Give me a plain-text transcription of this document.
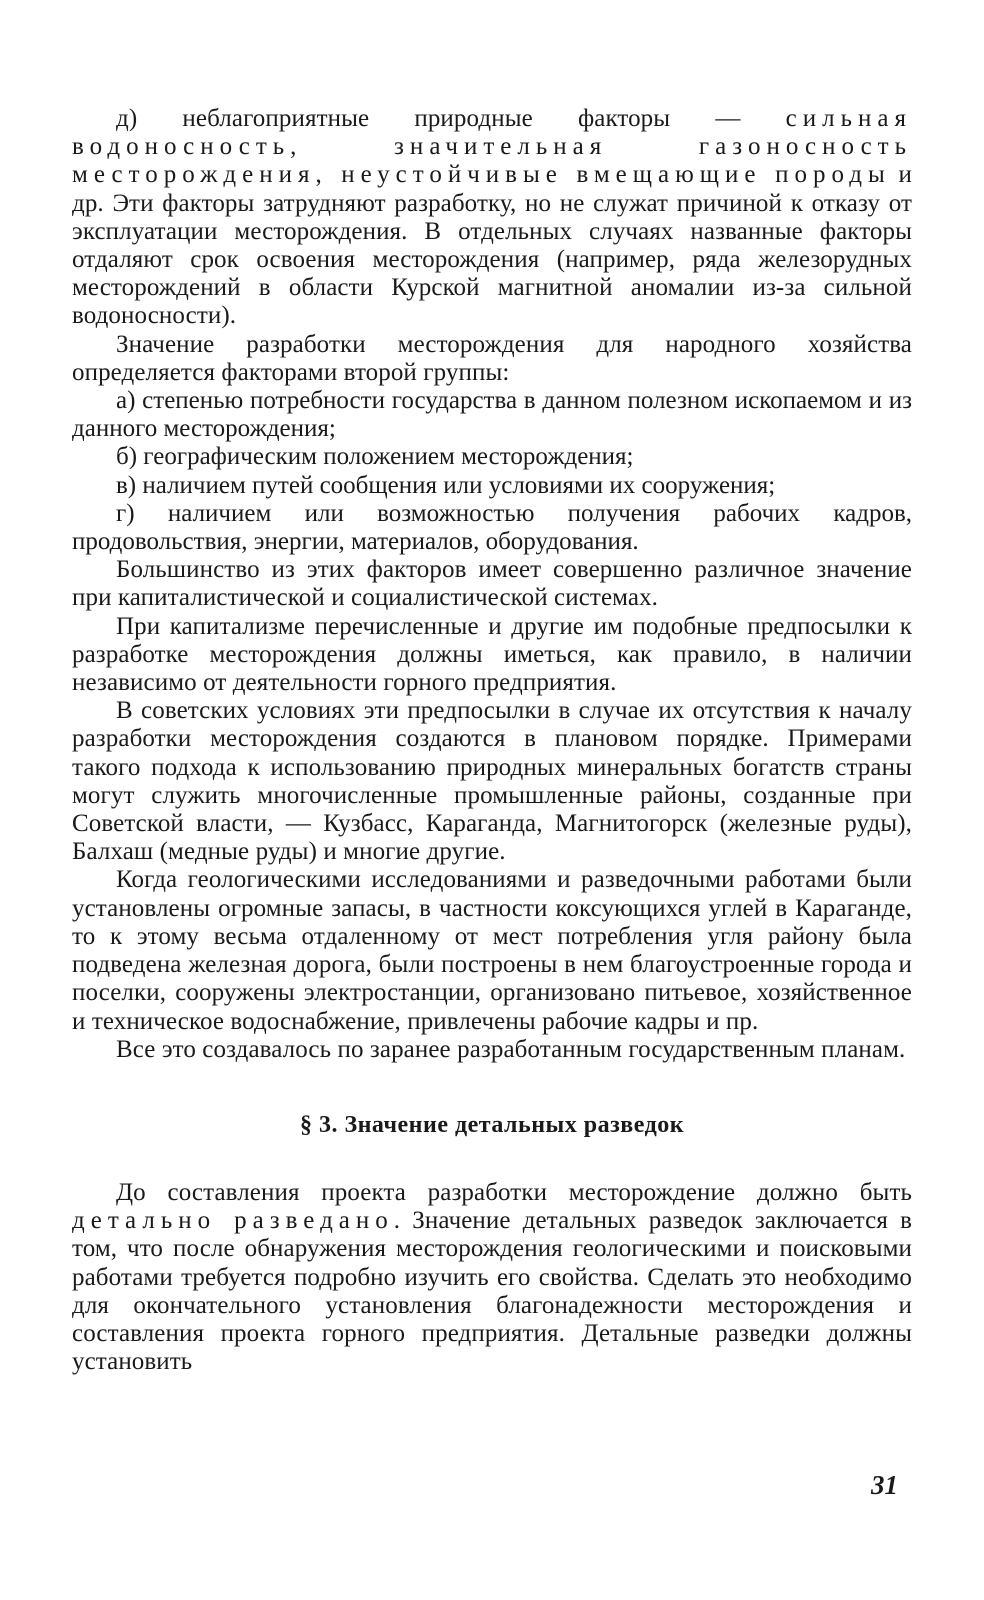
д) неблагоприятные природные факторы — сильная водоносность, значительная газоносность месторождения, неустойчивые вмещающие породы и др. Эти факторы затрудняют разработку, но не служат причиной к отказу от эксплуатации месторождения. В отдельных случаях названные факторы отдаляют срок освоения месторождения (например, ряда железорудных месторождений в области Курской магнитной аномалии из-за сильной водоносности).

Значение разработки месторождения для народного хозяйства определяется факторами второй группы:

а) степенью потребности государства в данном полезном ископаемом и из данного месторождения;

б) географическим положением месторождения;

в) наличием путей сообщения или условиями их сооружения;

г) наличием или возможностью получения рабочих кадров, продовольствия, энергии, материалов, оборудования.

Большинство из этих факторов имеет совершенно различное значение при капиталистической и социалистической системах.

При капитализме перечисленные и другие им подобные предпосылки к разработке месторождения должны иметься, как правило, в наличии независимо от деятельности горного предприятия.

В советских условиях эти предпосылки в случае их отсутствия к началу разработки месторождения создаются в плановом порядке. Примерами такого подхода к использованию природных минеральных богатств страны могут служить многочисленные промышленные районы, созданные при Советской власти, — Кузбасс, Караганда, Магнитогорск (железные руды), Балхаш (медные руды) и многие другие.

Когда геологическими исследованиями и разведочными работами были установлены огромные запасы, в частности коксующихся углей в Караганде, то к этому весьма отдаленному от мест потребления угля району была подведена железная дорога, были построены в нем благоустроенные города и поселки, сооружены электростанции, организовано питьевое, хозяйственное и техническое водоснабжение, привлечены рабочие кадры и пр.

Все это создавалось по заранее разработанным государственным планам.

§ 3. Значение детальных разведок

До составления проекта разработки месторождение должно быть детально разведано. Значение детальных разведок заключается в том, что после обнаружения месторождения геологическими и поисковыми работами требуется подробно изучить его свойства. Сделать это необходимо для окончательного установления благонадежности месторождения и составления проекта горного предприятия. Детальные разведки должны установить

31
